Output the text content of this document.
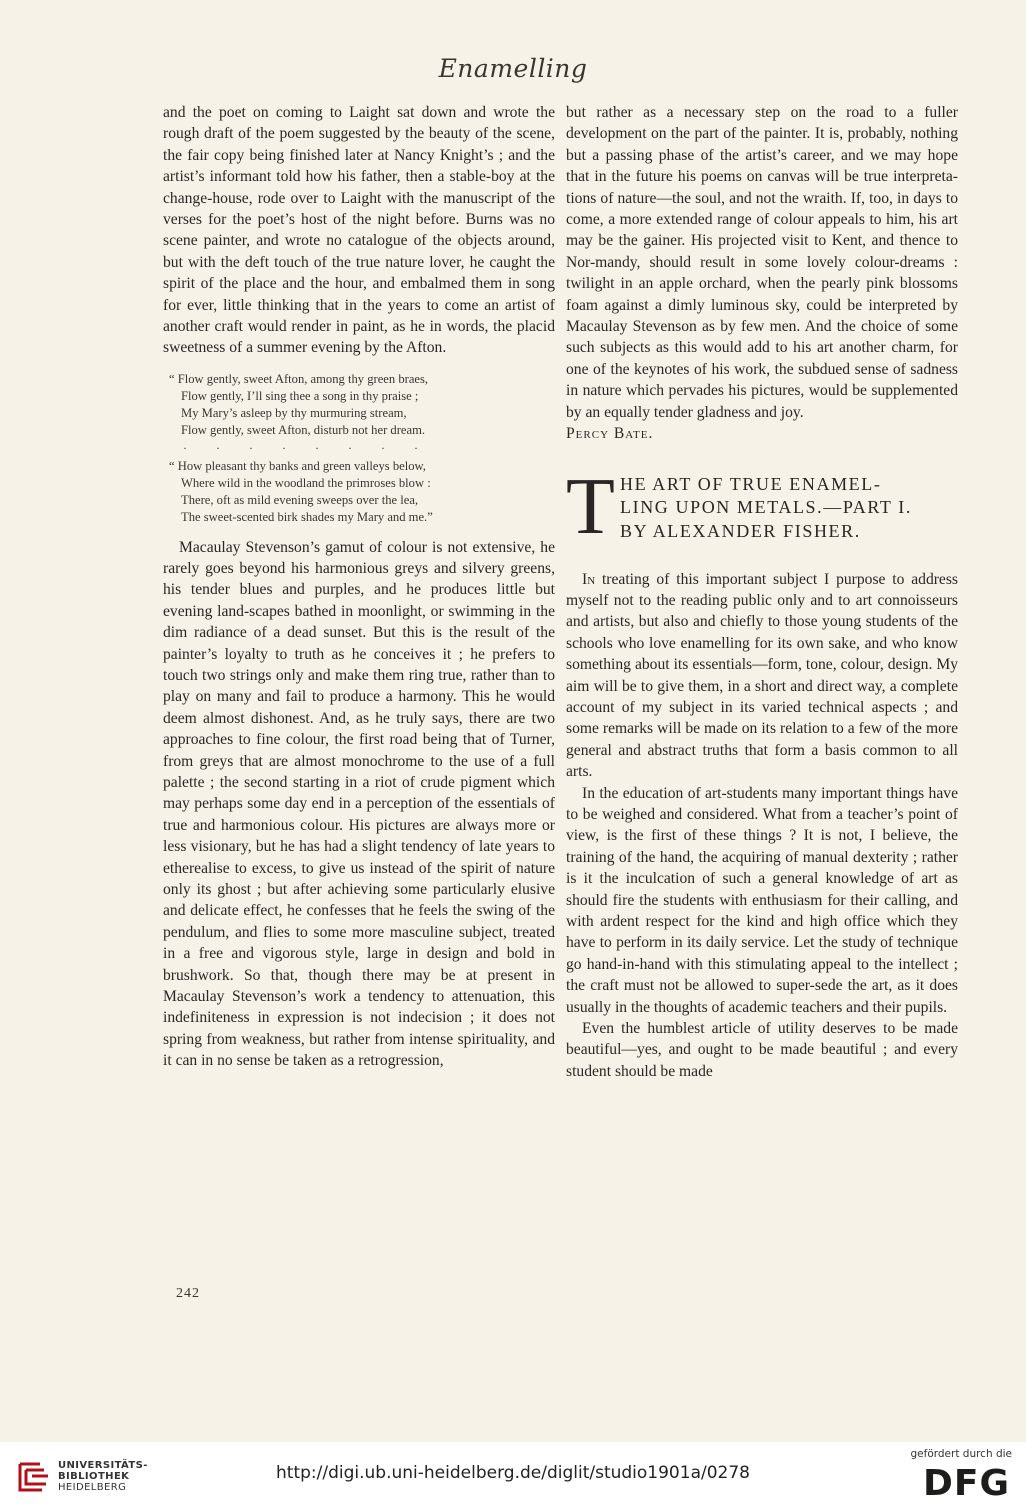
Enamelling

and the poet on coming to Laight sat down and wrote the rough draft of the poem suggested by the beauty of the scene, the fair copy being finished later at Nancy Knight’s ; and the artist’s informant told how his father, then a stable-boy at the change-house, rode over to Laight with the manuscript of the verses for the poet’s host of the night before. Burns was no scene painter, and wrote no catalogue of the objects around, but with the deft touch of the true nature lover, he caught the spirit of the place and the hour, and embalmed them in song for ever, little thinking that in the years to come an artist of another craft would render in paint, as he in words, the placid sweetness of a summer evening by the Afton.

“ Flow gently, sweet Afton, among thy green braes,
Flow gently, I’ll sing thee a song in thy praise ;
My Mary’s asleep by thy murmuring stream,
Flow gently, sweet Afton, disturb not her dream.
· · · · · · · ·
“ How pleasant thy banks and green valleys below,
Where wild in the woodland the primroses blow :
There, oft as mild evening sweeps over the lea,
The sweet-scented birk shades my Mary and me.”

Macaulay Stevenson’s gamut of colour is not extensive, he rarely goes beyond his harmonious greys and silvery greens, his tender blues and purples, and he produces little but evening land-scapes bathed in moonlight, or swimming in the dim radiance of a dead sunset. But this is the result of the painter’s loyalty to truth as he conceives it ; he prefers to touch two strings only and make them ring true, rather than to play on many and fail to produce a harmony. This he would deem almost dishonest. And, as he truly says, there are two approaches to fine colour, the first road being that of Turner, from greys that are almost monochrome to the use of a full palette ; the second starting in a riot of crude pigment which may perhaps some day end in a perception of the essentials of true and harmonious colour. His pictures are always more or less visionary, but he has had a slight tendency of late years to etherealise to excess, to give us instead of the spirit of nature only its ghost ; but after achieving some particularly elusive and delicate effect, he confesses that he feels the swing of the pendulum, and flies to some more masculine subject, treated in a free and vigorous style, large in design and bold in brushwork. So that, though there may be at present in Macaulay Stevenson’s work a tendency to attenuation, this indefiniteness in expression is not indecision ; it does not spring from weakness, but rather from intense spirituality, and it can in no sense be taken as a retrogression,

but rather as a necessary step on the road to a fuller development on the part of the painter. It is, probably, nothing but a passing phase of the artist’s career, and we may hope that in the future his poems on canvas will be true interpreta-tions of nature—the soul, and not the wraith. If, too, in days to come, a more extended range of colour appeals to him, his art may be the gainer. His projected visit to Kent, and thence to Nor-mandy, should result in some lovely colour-dreams : twilight in an apple orchard, when the pearly pink blossoms foam against a dimly luminous sky, could be interpreted by Macaulay Stevenson as by few men. And the choice of some such subjects as this would add to his art another charm, for one of the keynotes of his work, the subdued sense of sadness in nature which pervades his pictures, would be supplemented by an equally tender gladness and joy.

Percy Bate.

T HE ART OF TRUE ENAMEL-
LING UPON METALS.—PART I.
BY ALEXANDER FISHER.

In treating of this important subject I purpose to address myself not to the reading public only and to art connoisseurs and artists, but also and chiefly to those young students of the schools who love enamelling for its own sake, and who know something about its essentials—form, tone, colour, design. My aim will be to give them, in a short and direct way, a complete account of my subject in its varied technical aspects ; and some remarks will be made on its relation to a few of the more general and abstract truths that form a basis common to all arts.

In the education of art-students many important things have to be weighed and considered. What from a teacher’s point of view, is the first of these things ? It is not, I believe, the training of the hand, the acquiring of manual dexterity ; rather is it the inculcation of such a general knowledge of art as should fire the students with enthusiasm for their calling, and with ardent respect for the kind and high office which they have to perform in its daily service. Let the study of technique go hand-in-hand with this stimulating appeal to the intellect ; the craft must not be allowed to super-sede the art, as it does usually in the thoughts of academic teachers and their pupils.

Even the humblest article of utility deserves to be made beautiful—yes, and ought to be made beautiful ; and every student should be made

242
UNIVERSITÄTS-
BIBLIOTHEK
HEIDELBERG
http://digi.ub.uni-heidelberg.de/diglit/studio1901a/0278
gefördert durch die
DFG
